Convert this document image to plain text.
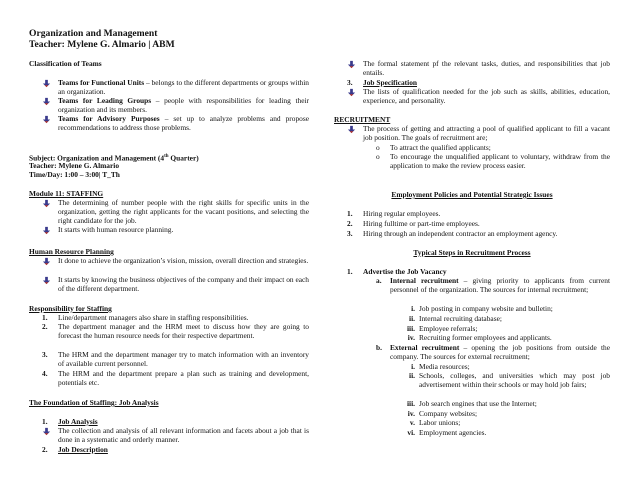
Organization and Management
Teacher: Mylene G. Almario | ABM
Classification of Teams
Teams for Functional Units – belongs to the different departments or groups within an organization.
Teams for Leading Groups – people with responsibilities for leading their organization and its members.
Teams for Advisory Purposes – set up to analyze problems and propose recommendations to address those problems.
Subject: Organization and Management (4th Quarter)
Teacher: Mylene G. Almario
Time/Day: 1:00 – 3:00| T_Th
Module 11: STAFFING
The determining of number people with the right skills for specific units in the organization, getting the right applicants for the vacant positions, and selecting the right candidate for the job.
It starts with human resource planning.
Human Resource Planning
It done to achieve the organization’s vision, mission, overall direction and strategies.
It starts by knowing the business objectives of the company and their impact on each of the different department.
Responsibility for Staffing
1. Line/department managers also share in staffing responsibilities.
2. The department manager and the HRM meet to discuss how they are going to forecast the human resource needs for their respective department.
3. The HRM and the department manager try to match information with an inventory of available current personnel.
4. The HRM and the department prepare a plan such as training and development, potentials etc.
The Foundation of Staffing: Job Analysis
1. Job Analysis
The collection and analysis of all relevant information and facets about a job that is done in a systematic and orderly manner.
2. Job Description
The formal statement pf the relevant tasks, duties, and responsibilities that job entails.
3. Job Specification
The lists of qualification needed for the job such as skills, abilities, education, experience, and personality.
RECRUITMENT
The process of getting and attracting a pool of qualified applicant to fill a vacant job position. The goals of recruitment are;
o To attract the qualified applicants;
o To encourage the unqualified applicant to voluntary, withdraw from the application to make the review process easier.
Employment Policies and Potential Strategic Issues
1. Hiring regular employees.
2. Hiring fulltime or part-time employees.
3. Hiring through an independent contractor an employment agency.
Typical Steps in Recruitment Process
1. Advertise the Job Vacancy
a. Internal recruitment – giving priority to applicants from current personnel of the organization. The sources for internal recruitment;
i. Job posting in company website and bulletin;
ii. Internal recruiting database;
iii. Employee referrals;
iv. Recruiting former employees and applicants.
b. External recruitment – opening the job positions from outside the company. The sources for external recruitment;
i. Media resources;
ii. Schools, colleges, and universities which may post job advertisement within their schools or may hold job fairs;
iii. Job search engines that use the Internet;
iv. Company websites;
v. Labor unions;
vi. Employment agencies.
